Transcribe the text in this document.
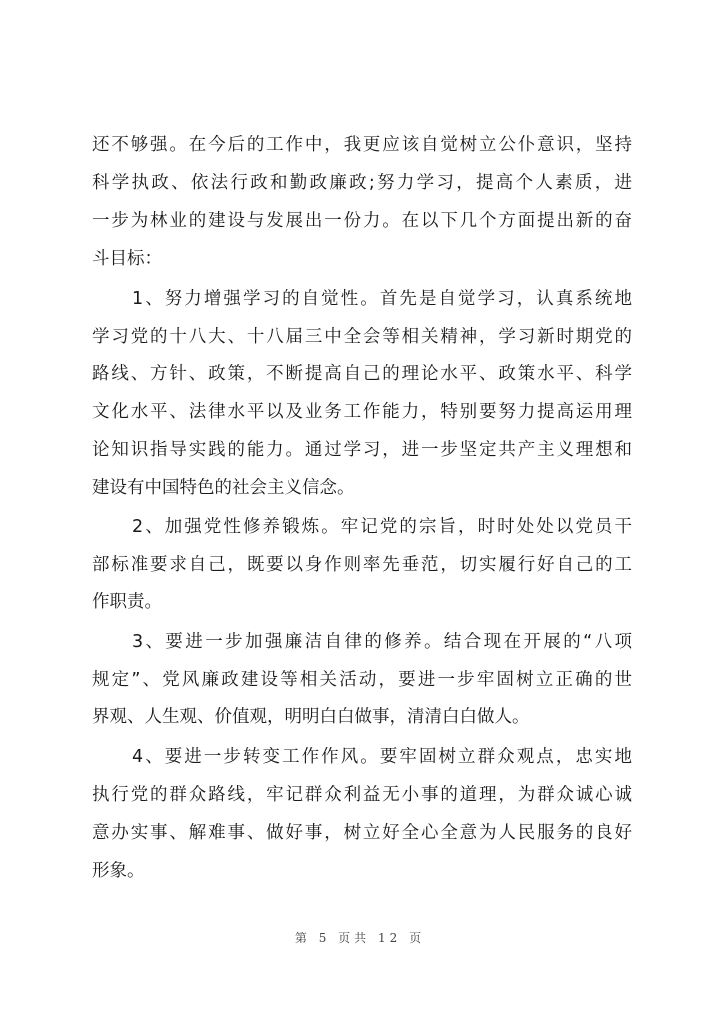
还不够强。在今后的工作中，我更应该自觉树立公仆意识，坚持
科学执政、依法行政和勤政廉政;努力学习，提高个人素质，进
一步为林业的建设与发展出一份力。在以下几个方面提出新的奋
斗目标：
1、努力增强学习的自觉性。首先是自觉学习，认真系统地
学习党的十八大、十八届三中全会等相关精神，学习新时期党的
路线、方针、政策，不断提高自己的理论水平、政策水平、科学
文化水平、法律水平以及业务工作能力，特别要努力提高运用理
论知识指导实践的能力。通过学习，进一步坚定共产主义理想和
建设有中国特色的社会主义信念。
2、加强党性修养锻炼。牢记党的宗旨，时时处处以党员干
部标准要求自己，既要以身作则率先垂范，切实履行好自己的工
作职责。
3、要进一步加强廉洁自律的修养。结合现在开展的“八项
规定”、党风廉政建设等相关活动，要进一步牢固树立正确的世
界观、人生观、价值观，明明白白做事，清清白白做人。
4、要进一步转变工作作风。要牢固树立群众观点，忠实地
执行党的群众路线，牢记群众利益无小事的道理，为群众诚心诚
意办实事、解难事、做好事，树立好全心全意为人民服务的良好
形象。
第 5 页共 12 页
